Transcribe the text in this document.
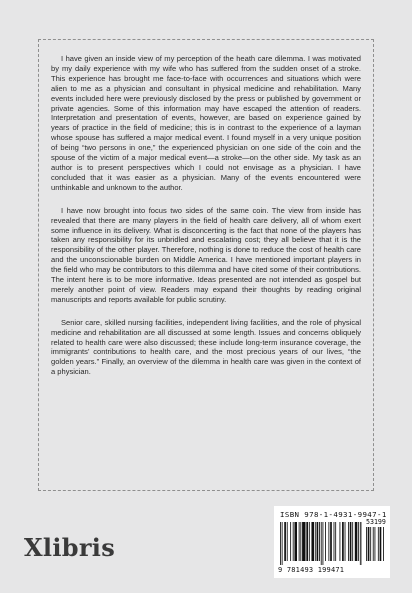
I have given an inside view of my perception of the heath care dilemma. I was motivated by my daily experience with my wife who has suffered from the sudden onset of a stroke. This experience has brought me face-to-face with occurrences and situations which were alien to me as a physician and consultant in physical medicine and rehabilitation. Many events included here were previously disclosed by the press or published by government or private agencies. Some of this information may have escaped the attention of readers. Interpretation and presentation of events, however, are based on experience gained by years of practice in the field of medicine; this is in contrast to the experience of a layman whose spouse has suffered a major medical event. I found myself in a very unique position of being “two persons in one,” the experienced physician on one side of the coin and the spouse of the victim of a major medical event—a stroke—on the other side. My task as an author is to present perspectives which I could not envisage as a physician. I have concluded that it was easier as a physician. Many of the events encountered were unthinkable and unknown to the author.

I have now brought into focus two sides of the same coin. The view from inside has revealed that there are many players in the field of health care delivery, all of whom exert some influence in its delivery. What is disconcerting is the fact that none of the players has taken any responsibility for its unbridled and escalating cost; they all believe that it is the responsibility of the other player. Therefore, nothing is done to reduce the cost of health care and the unconscionable burden on Middle America. I have mentioned important players in the field who may be contributors to this dilemma and have cited some of their contributions. The intent here is to be more informative. Ideas presented are not intended as gospel but merely another point of view. Readers may expand their thoughts by reading original manuscripts and reports available for public scrutiny.

Senior care, skilled nursing facilities, independent living facilities, and the role of physical medicine and rehabilitation are all discussed at some length. Issues and concerns obliquely related to health care were also discussed; these include long-term insurance coverage, the immigrants’ contributions to health care, and the most precious years of our lives, “the golden years.” Finally, an overview of the dilemma in health care was given in the context of a physician.

Xlibris
ISBN 978-1-4931-9947-1
53199
9 781493 199471
